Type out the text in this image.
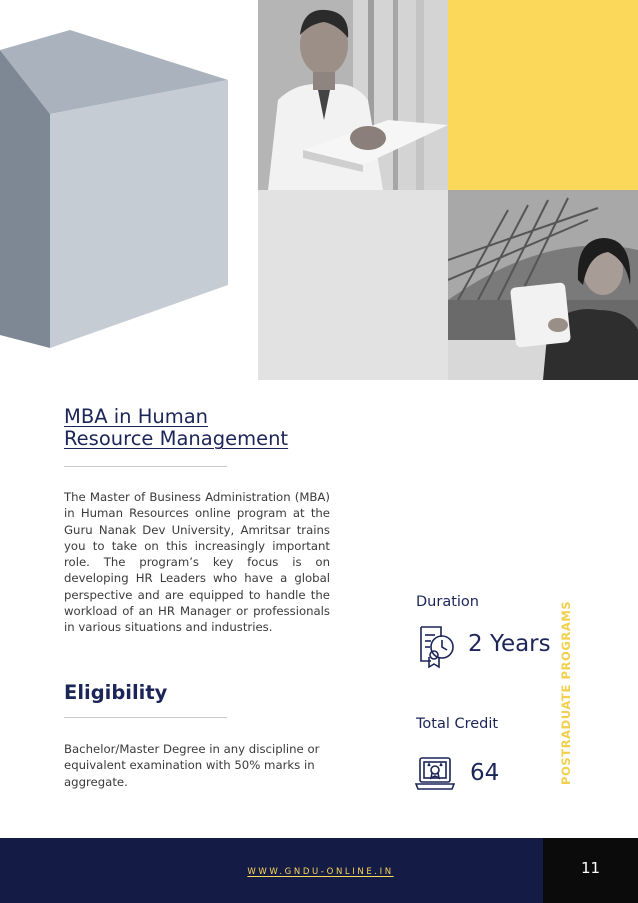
MBA in Human
Resource Management

The Master of Business Administration (MBA) in Human Resources online program at the Guru Nanak Dev University, Amritsar trains you to take on this increasingly important role. The program’s key focus is on developing HR Leaders who have a global perspective and are equipped to handle the workload of an HR Manager or professionals in various situations and industries.

Eligibility

Bachelor/Master Degree in any discipline or equivalent examination with 50% marks in aggregate.

Duration
2 Years
Total Credit
64	POSTRADUATE PROGRAMS
WWW.GNDU-ONLINE.IN	11
